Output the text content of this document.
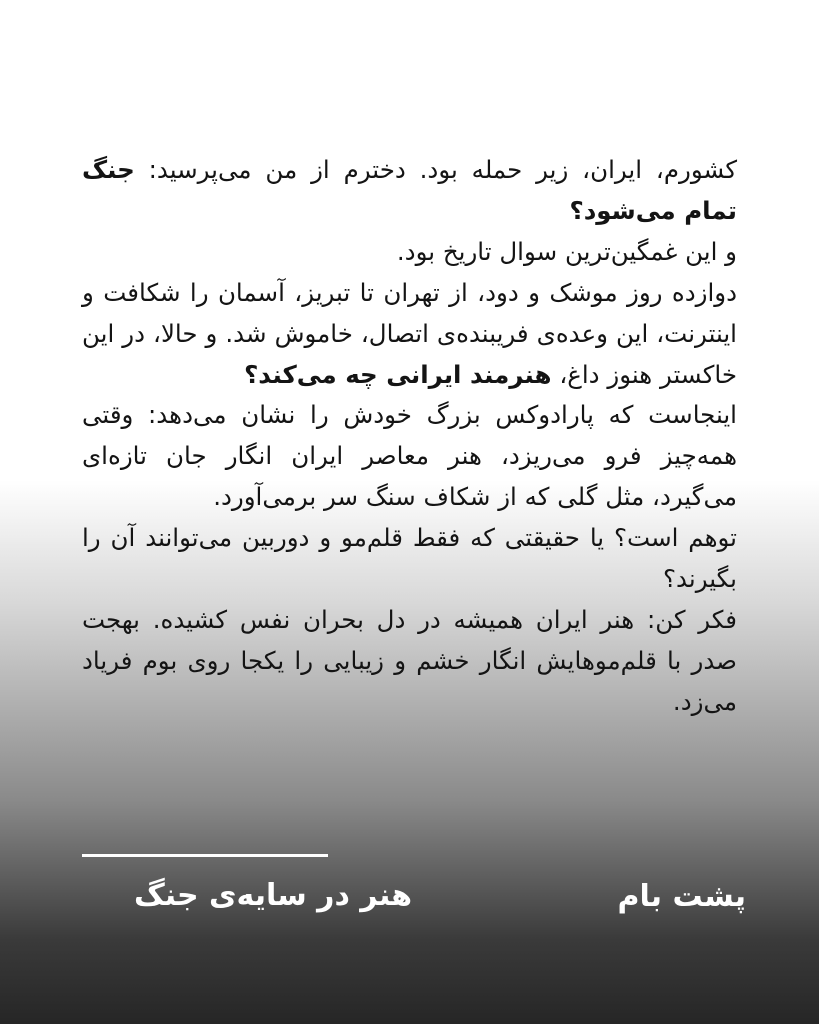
کشورم، ایران، زیر حمله بود. دخترم از من می‌پرسید: جنگ تمام می‌شود؟

و این غمگین‌ترین سوال تاریخ بود.

دوازده روز موشک و دود، از تهران تا تبریز، آسمان را شکافت و اینترنت، این وعده‌ی فریبنده‌ی اتصال، خاموش شد. و حالا، در این خاکستر هنوز داغ، هنرمند ایرانی چه می‌کند؟

اینجاست که پارادوکس بزرگ خودش را نشان می‌دهد: وقتی همه‌چیز فرو می‌ریزد، هنر معاصر ایران انگار جان تازه‌ای می‌گیرد، مثل گلی که از شکاف سنگ سر برمی‌آورد.

توهم است؟ یا حقیقتی که فقط قلم‌مو و دوربین می‌توانند آن را بگیرند؟

فکر کن: هنر ایران همیشه در دل بحران نفس کشیده. بهجت صدر با قلم‌موهایش انگار خشم و زیبایی را یکجا روی بوم فریاد می‌زد.

هنر در سایه‌ی جنگ	پشت بام
